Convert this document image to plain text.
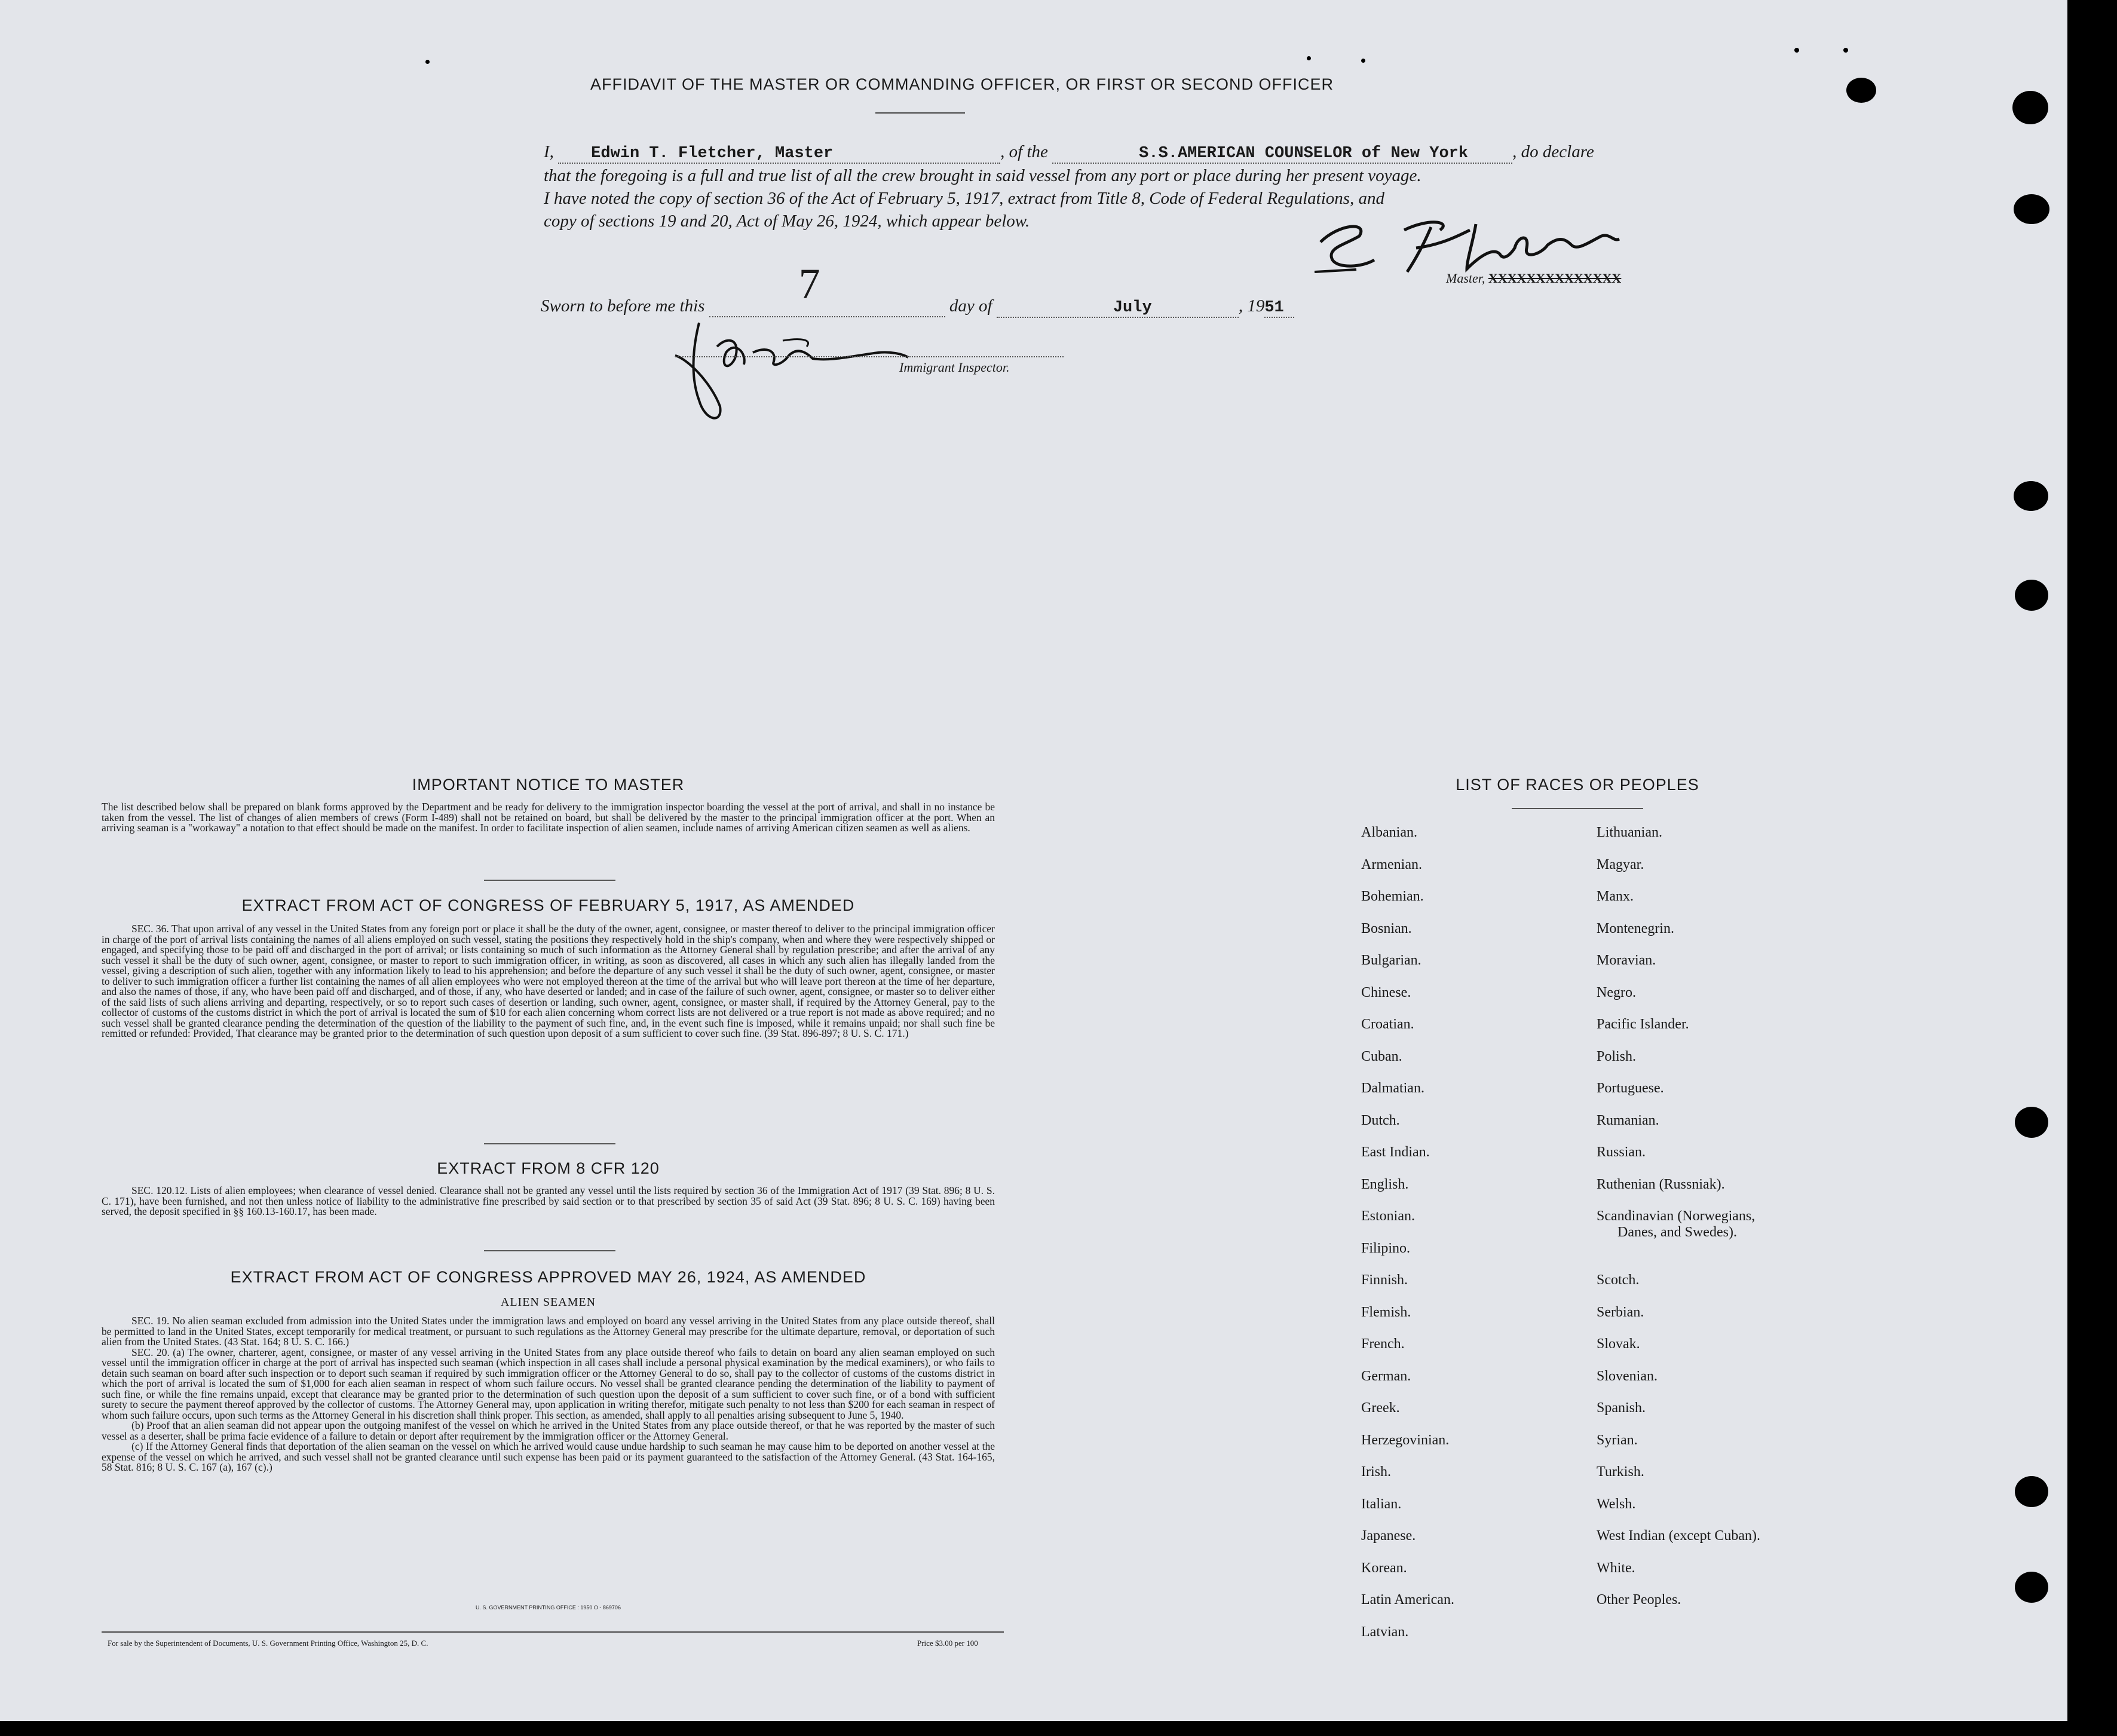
AFFIDAVIT OF THE MASTER OR COMMANDING OFFICER, OR FIRST OR SECOND OFFICER
I, Edwin T. Fletcher, Master	, of the	S.S.AMERICAN COUNSELOR of New York	, do declare
that the foregoing is a full and true list of all the crew brought in said vessel from any port or place during her present voyage.
I have noted the copy of section 36 of the Act of February 5, 1917, extract from Title 8, Code of Federal Regulations, and
copy of sections 19 and 20, Act of May 26, 1924, which appear below.
Master, XXXXXXXXXXXXXX
Sworn to before me this 7	day of	July	, 1951
Immigrant Inspector.
IMPORTANT NOTICE TO MASTER
The list described below shall be prepared on blank forms approved by the Department and be ready for delivery to the immigration inspector boarding the vessel at the port of arrival, and shall in no instance be taken from the vessel. The list of changes of alien members of crews (Form I-489) shall not be retained on board, but shall be delivered by the master to the principal immigration officer at the port. When an arriving seaman is a "workaway" a notation to that effect should be made on the manifest. In order to facilitate inspection of alien seamen, include names of arriving American citizen seamen as well as aliens.
EXTRACT FROM ACT OF CONGRESS OF FEBRUARY 5, 1917, AS AMENDED
SEC. 36. That upon arrival of any vessel in the United States from any foreign port or place it shall be the duty of the owner, agent, consignee, or master thereof to deliver to the principal immigration officer in charge of the port of arrival lists containing the names of all aliens employed on such vessel, stating the positions they respectively hold in the ship's company, when and where they were respectively shipped or engaged, and specifying those to be paid off and discharged in the port of arrival; or lists containing so much of such information as the Attorney General shall by regulation prescribe; and after the arrival of any such vessel it shall be the duty of such owner, agent, consignee, or master to report to such immigration officer, in writing, as soon as discovered, all cases in which any such alien has illegally landed from the vessel, giving a description of such alien, together with any information likely to lead to his apprehension; and before the departure of any such vessel it shall be the duty of such owner, agent, consignee, or master to deliver to such immigration officer a further list containing the names of all alien employees who were not employed thereon at the time of the arrival but who will leave port thereon at the time of her departure, and also the names of those, if any, who have been paid off and discharged, and of those, if any, who have deserted or landed; and in case of the failure of such owner, agent, consignee, or master so to deliver either of the said lists of such aliens arriving and departing, respectively, or so to report such cases of desertion or landing, such owner, agent, consignee, or master shall, if required by the Attorney General, pay to the collector of customs of the customs district in which the port of arrival is located the sum of $10 for each alien concerning whom correct lists are not delivered or a true report is not made as above required; and no such vessel shall be granted clearance pending the determination of the question of the liability to the payment of such fine, and, in the event such fine is imposed, while it remains unpaid; nor shall such fine be remitted or refunded: Provided, That clearance may be granted prior to the determination of such question upon deposit of a sum sufficient to cover such fine. (39 Stat. 896-897; 8 U. S. C. 171.)
EXTRACT FROM 8 CFR 120
SEC. 120.12. Lists of alien employees; when clearance of vessel denied. Clearance shall not be granted any vessel until the lists required by section 36 of the Immigration Act of 1917 (39 Stat. 896; 8 U. S. C. 171), have been furnished, and not then unless notice of liability to the administrative fine prescribed by said section or to that prescribed by section 35 of said Act (39 Stat. 896; 8 U. S. C. 169) having been served, the deposit specified in §§ 160.13-160.17, has been made.
EXTRACT FROM ACT OF CONGRESS APPROVED MAY 26, 1924, AS AMENDED
ALIEN SEAMEN
SEC. 19. No alien seaman excluded from admission into the United States under the immigration laws and employed on board any vessel arriving in the United States from any place outside thereof, shall be permitted to land in the United States, except temporarily for medical treatment, or pursuant to such regulations as the Attorney General may prescribe for the ultimate departure, removal, or deportation of such alien from the United States. (43 Stat. 164; 8 U. S. C. 166.)
SEC. 20. (a) The owner, charterer, agent, consignee, or master of any vessel arriving in the United States from any place outside thereof who fails to detain on board any alien seaman employed on such vessel until the immigration officer in charge at the port of arrival has inspected such seaman (which inspection in all cases shall include a personal physical examination by the medical examiners), or who fails to detain such seaman on board after such inspection or to deport such seaman if required by such immigration officer or the Attorney General to do so, shall pay to the collector of customs of the customs district in which the port of arrival is located the sum of $1,000 for each alien seaman in respect of whom such failure occurs. No vessel shall be granted clearance pending the determination of the liability to payment of such fine, or while the fine remains unpaid, except that clearance may be granted prior to the determination of such question upon the deposit of a sum sufficient to cover such fine, or of a bond with sufficient surety to secure the payment thereof approved by the collector of customs. The Attorney General may, upon application in writing therefor, mitigate such penalty to not less than $200 for each seaman in respect of whom such failure occurs, upon such terms as the Attorney General in his discretion shall think proper. This section, as amended, shall apply to all penalties arising subsequent to June 5, 1940.
(b) Proof that an alien seaman did not appear upon the outgoing manifest of the vessel on which he arrived in the United States from any place outside thereof, or that he was reported by the master of such vessel as a deserter, shall be prima facie evidence of a failure to detain or deport after requirement by the immigration officer or the Attorney General.
(c) If the Attorney General finds that deportation of the alien seaman on the vessel on which he arrived would cause undue hardship to such seaman he may cause him to be deported on another vessel at the expense of the vessel on which he arrived, and such vessel shall not be granted clearance until such expense has been paid or its payment guaranteed to the satisfaction of the Attorney General. (43 Stat. 164-165, 58 Stat. 816; 8 U. S. C. 167 (a), 167 (c).)
U. S. GOVERNMENT PRINTING OFFICE : 1950 O - 869706
For sale by the Superintendent of Documents, U. S. Government Printing Office, Washington 25, D. C.	Price $3.00 per 100
LIST OF RACES OR PEOPLES
Albanian.
Armenian.
Bohemian.
Bosnian.
Bulgarian.
Chinese.
Croatian.
Cuban.
Dalmatian.
Dutch.
East Indian.
English.
Estonian.
Filipino.
Finnish.
Flemish.
French.
German.
Greek.
Herzegovinian.
Irish.
Italian.
Japanese.
Korean.
Latin American.
Latvian.
Lithuanian.
Magyar.
Manx.
Montenegrin.
Moravian.
Negro.
Pacific Islander.
Polish.
Portuguese.
Rumanian.
Russian.
Ruthenian (Russniak).
Scandinavian (Norwegians,
Danes, and Swedes).
Scotch.
Serbian.
Slovak.
Slovenian.
Spanish.
Syrian.
Turkish.
Welsh.
West Indian (except Cuban).
White.
Other Peoples.
